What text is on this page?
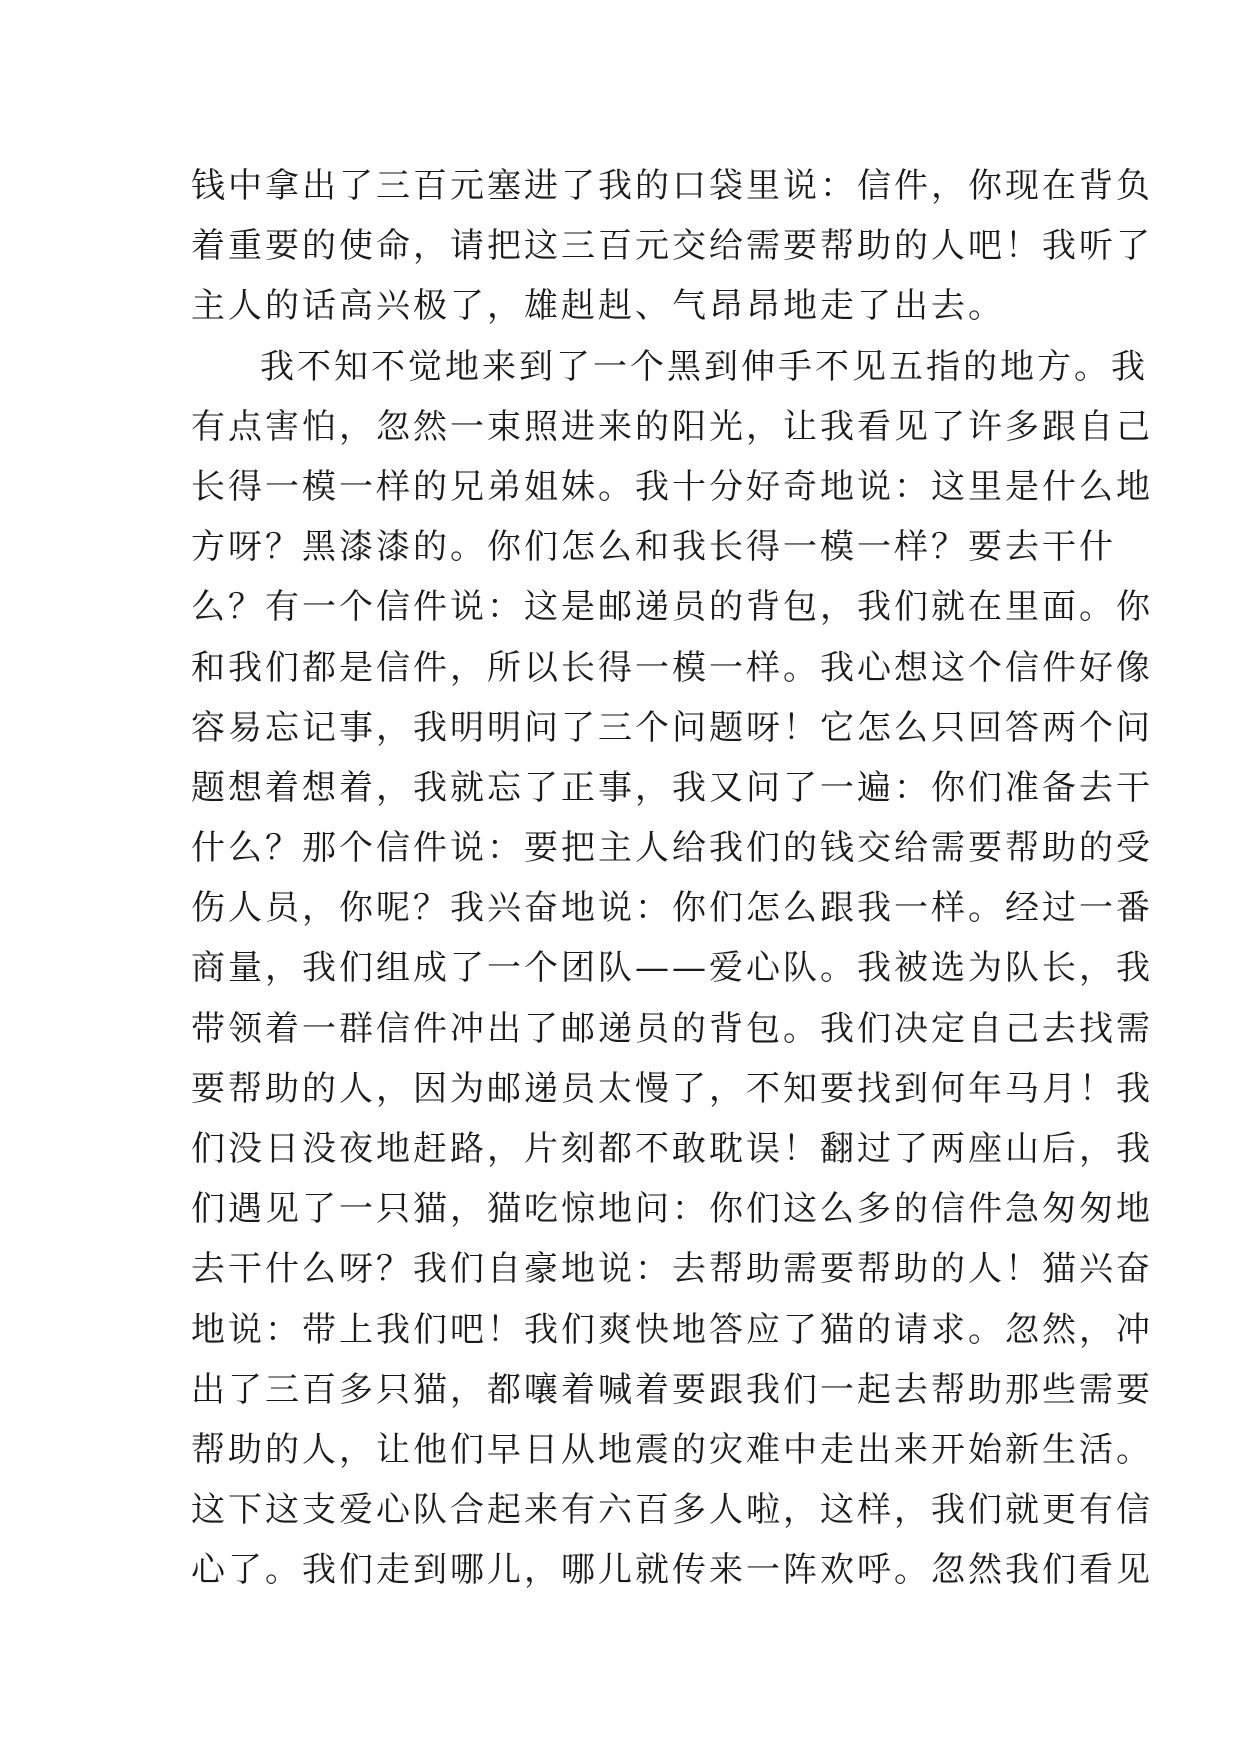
钱中拿出了三百元塞进了我的口袋里说：信件，你现在背负
着重要的使命，请把这三百元交给需要帮助的人吧！我听了
主人的话高兴极了，雄赳赳、气昂昂地走了出去。
我不知不觉地来到了一个黑到伸手不见五指的地方。我
有点害怕，忽然一束照进来的阳光，让我看见了许多跟自己
长得一模一样的兄弟姐妹。我十分好奇地说：这里是什么地
方呀？黑漆漆的。你们怎么和我长得一模一样？要去干什
么？有一个信件说：这是邮递员的背包，我们就在里面。你
和我们都是信件，所以长得一模一样。我心想这个信件好像
容易忘记事，我明明问了三个问题呀！它怎么只回答两个问
题想着想着，我就忘了正事，我又问了一遍：你们准备去干
什么？那个信件说：要把主人给我们的钱交给需要帮助的受
伤人员，你呢？我兴奋地说：你们怎么跟我一样。经过一番
商量，我们组成了一个团队——爱心队。我被选为队长，我
带领着一群信件冲出了邮递员的背包。我们决定自己去找需
要帮助的人，因为邮递员太慢了，不知要找到何年马月！我
们没日没夜地赶路，片刻都不敢耽误！翻过了两座山后，我
们遇见了一只猫，猫吃惊地问：你们这么多的信件急匆匆地
去干什么呀？我们自豪地说：去帮助需要帮助的人！猫兴奋
地说：带上我们吧！我们爽快地答应了猫的请求。忽然，冲
出了三百多只猫，都嚷着喊着要跟我们一起去帮助那些需要
帮助的人，让他们早日从地震的灾难中走出来开始新生活。
这下这支爱心队合起来有六百多人啦，这样，我们就更有信
心了。我们走到哪儿，哪儿就传来一阵欢呼。忽然我们看见
